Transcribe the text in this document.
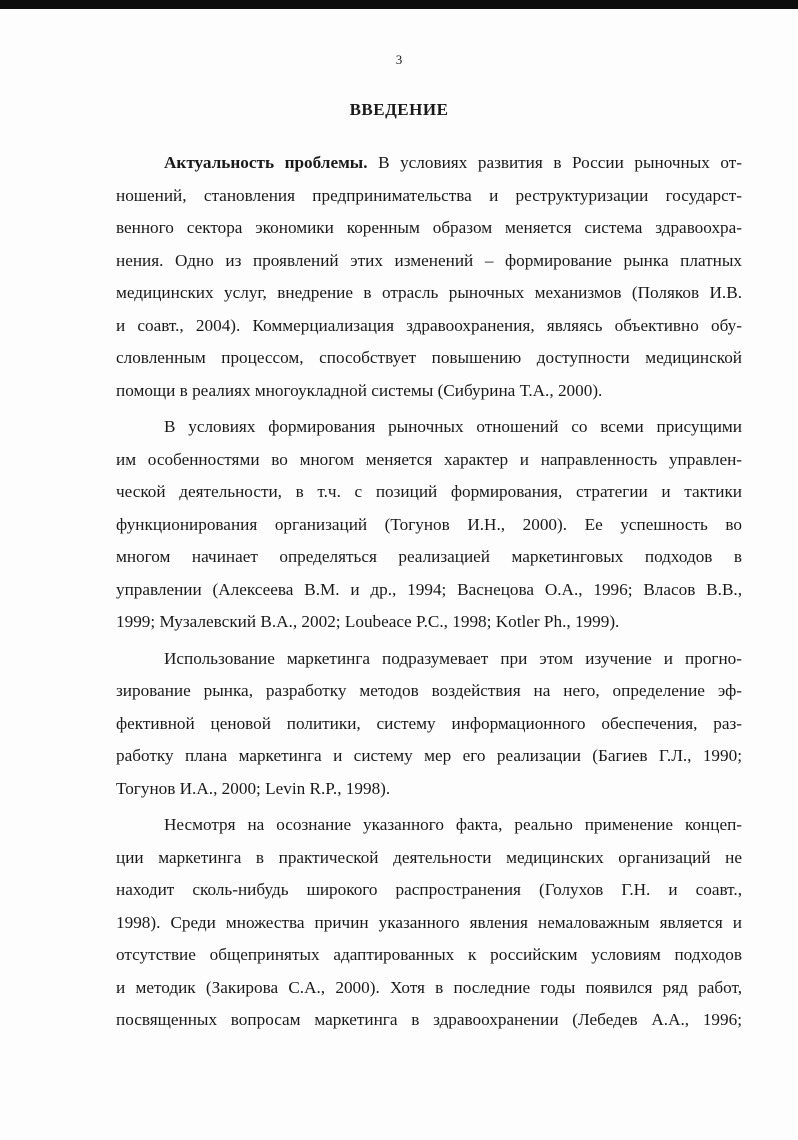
3
ВВЕДЕНИЕ
Актуальность проблемы. В условиях развития в России рыночных от-
ношений, становления предпринимательства и реструктуризации государст-
венного сектора экономики коренным образом меняется система здравоохра-
нения. Одно из проявлений этих изменений – формирование рынка платных
медицинских услуг, внедрение в отрасль рыночных механизмов (Поляков И.В.
и соавт., 2004). Коммерциализация здравоохранения, являясь объективно обу-
словленным процессом, способствует повышению доступности медицинской
помощи в реалиях многоукладной системы (Сибурина Т.А., 2000).
В условиях формирования рыночных отношений со всеми присущими
им особенностями во многом меняется характер и направленность управлен-
ческой деятельности, в т.ч. с позиций формирования, стратегии и тактики
функционирования организаций (Тогунов И.Н., 2000). Ее успешность во
многом начинает определяться реализацией маркетинговых подходов в
управлении (Алексеева В.М. и др., 1994; Васнецова О.А., 1996; Власов В.В.,
1999; Музалевский В.А., 2002; Loubeace P.C., 1998; Kotler Ph., 1999).
Использование маркетинга подразумевает при этом изучение и прогно-
зирование рынка, разработку методов воздействия на него, определение эф-
фективной ценовой политики, систему информационного обеспечения, раз-
работку плана маркетинга и систему мер его реализации (Багиев Г.Л., 1990;
Тогунов И.А., 2000; Levin R.P., 1998).
Несмотря на осознание указанного факта, реально применение концеп-
ции маркетинга в практической деятельности медицинских организаций не
находит сколь-нибудь широкого распространения (Голухов Г.Н. и соавт.,
1998). Среди множества причин указанного явления немаловажным является и
отсутствие общепринятых адаптированных к российским условиям подходов
и методик (Закирова С.А., 2000). Хотя в последние годы появился ряд работ,
посвященных вопросам маркетинга в здравоохранении (Лебедев А.А., 1996;
